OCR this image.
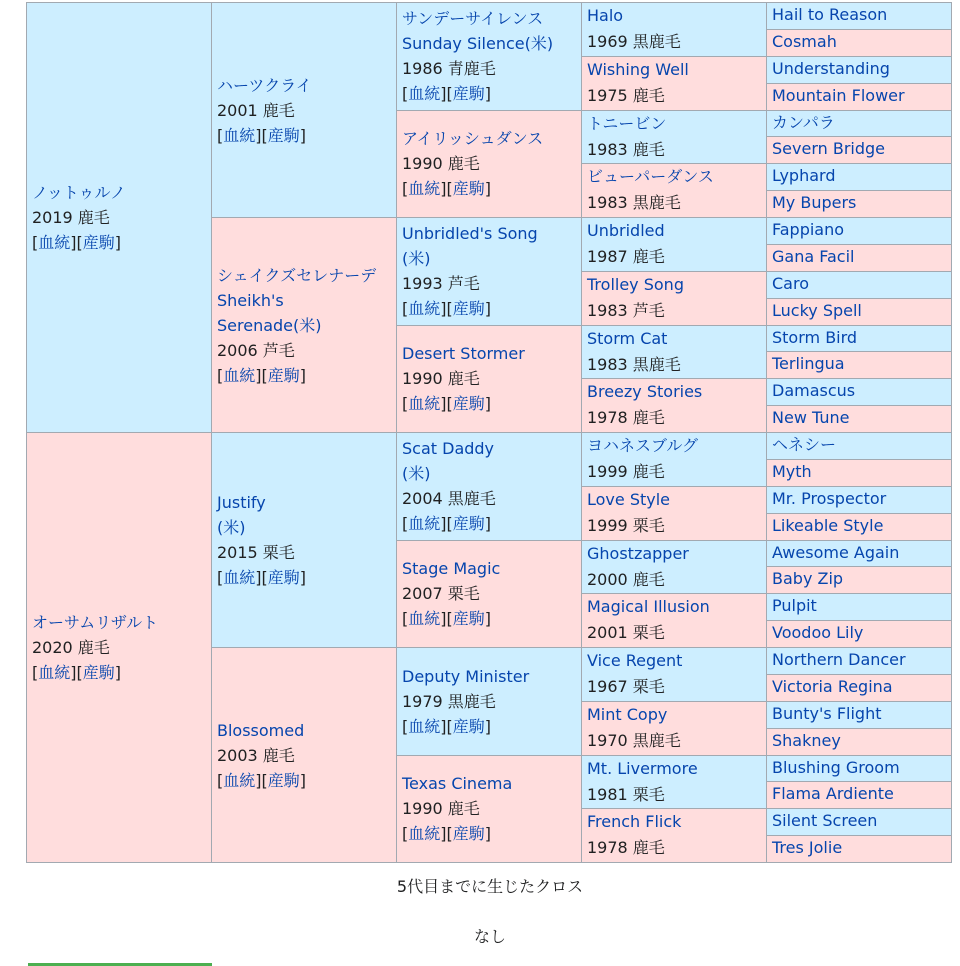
ノットゥルノ
2019 鹿毛
[血統][産駒]
オーサムリザルト
2020 鹿毛
[血統][産駒]
ハーツクライ
2001 鹿毛
[血統][産駒]
シェイクズセレナーデ
Sheikh's Serenade(米)
2006 芦毛
[血統][産駒]
Justify
(米)
2015 栗毛
[血統][産駒]
Blossomed
2003 鹿毛
[血統][産駒]
サンデーサイレンス
Sunday Silence(米)
1986 青鹿毛
[血統][産駒]
アイリッシュダンス
1990 鹿毛
[血統][産駒]
Unbridled's Song
(米)
1993 芦毛
[血統][産駒]
Desert Stormer
1990 鹿毛
[血統][産駒]
Scat Daddy
(米)
2004 黒鹿毛
[血統][産駒]
Stage Magic
2007 栗毛
[血統][産駒]
Deputy Minister
1979 黒鹿毛
[血統][産駒]
Texas Cinema
1990 鹿毛
[血統][産駒]
Halo
1969 黒鹿毛
Wishing Well
1975 鹿毛
トニービン
1983 鹿毛
ビューパーダンス
1983 黒鹿毛
Unbridled
1987 鹿毛
Trolley Song
1983 芦毛
Storm Cat
1983 黒鹿毛
Breezy Stories
1978 鹿毛
ヨハネスブルグ
1999 鹿毛
Love Style
1999 栗毛
Ghostzapper
2000 鹿毛
Magical Illusion
2001 栗毛
Vice Regent
1967 栗毛
Mint Copy
1970 黒鹿毛
Mt. Livermore
1981 栗毛
French Flick
1978 鹿毛
Hail to Reason
Cosmah
Understanding
Mountain Flower
カンパラ
Severn Bridge
Lyphard
My Bupers
Fappiano
Gana Facil
Caro
Lucky Spell
Storm Bird
Terlingua
Damascus
New Tune
ヘネシー
Myth
Mr. Prospector
Likeable Style
Awesome Again
Baby Zip
Pulpit
Voodoo Lily
Northern Dancer
Victoria Regina
Bunty's Flight
Shakney
Blushing Groom
Flama Ardiente
Silent Screen
Tres Jolie
5代目までに生じたクロス
なし
